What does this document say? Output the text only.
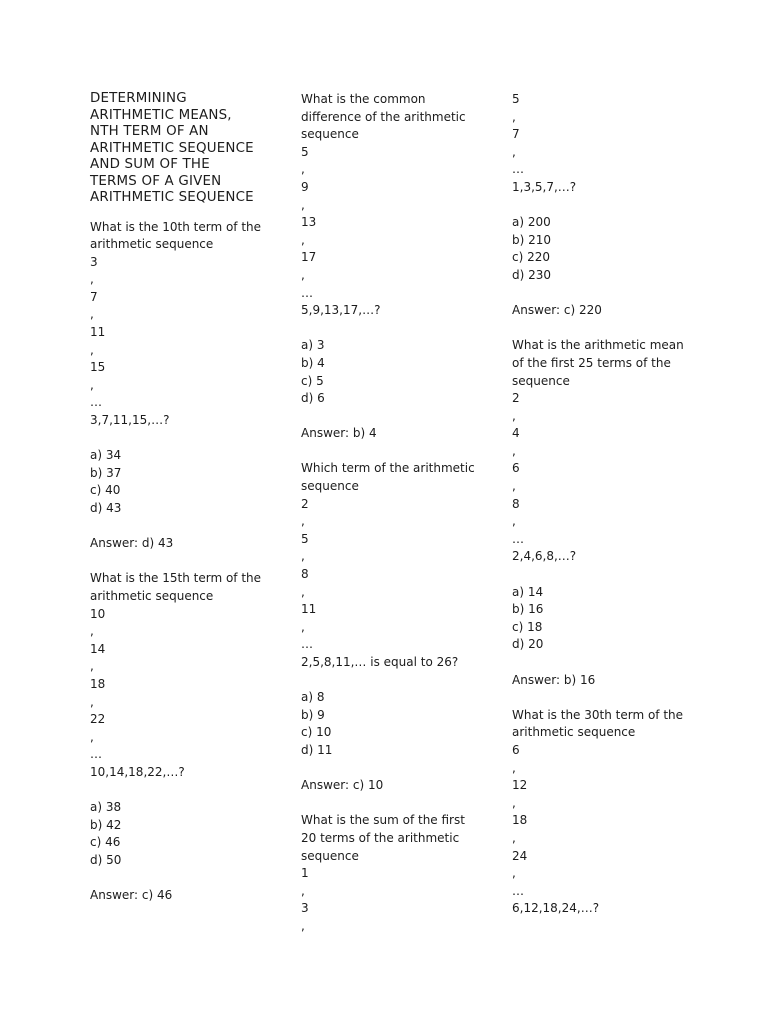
DETERMINING
ARITHMETIC MEANS,
NTH TERM OF AN
ARITHMETIC SEQUENCE
AND SUM OF THE
TERMS OF A GIVEN
ARITHMETIC SEQUENCE
What is the 10th term of the
arithmetic sequence
3
,
7
,
11
,
15
,
…
3,7,11,15,…?
a) 34
b) 37
c) 40
d) 43
Answer: d) 43
What is the 15th term of the
arithmetic sequence
10
,
14
,
18
,
22
,
…
10,14,18,22,…?
a) 38
b) 42
c) 46
d) 50
Answer: c) 46
What is the common
difference of the arithmetic
sequence
5
,
9
,
13
,
17
,
…
5,9,13,17,…?
a) 3
b) 4
c) 5
d) 6
Answer: b) 4
Which term of the arithmetic
sequence
2
,
5
,
8
,
11
,
…
2,5,8,11,… is equal to 26?
a) 8
b) 9
c) 10
d) 11
Answer: c) 10
What is the sum of the first
20 terms of the arithmetic
sequence
1
,
3
,
5
,
7
,
…
1,3,5,7,…?
a) 200
b) 210
c) 220
d) 230
Answer: c) 220
What is the arithmetic mean
of the first 25 terms of the
sequence
2
,
4
,
6
,
8
,
…
2,4,6,8,…?
a) 14
b) 16
c) 18
d) 20
Answer: b) 16
What is the 30th term of the
arithmetic sequence
6
,
12
,
18
,
24
,
…
6,12,18,24,…?
